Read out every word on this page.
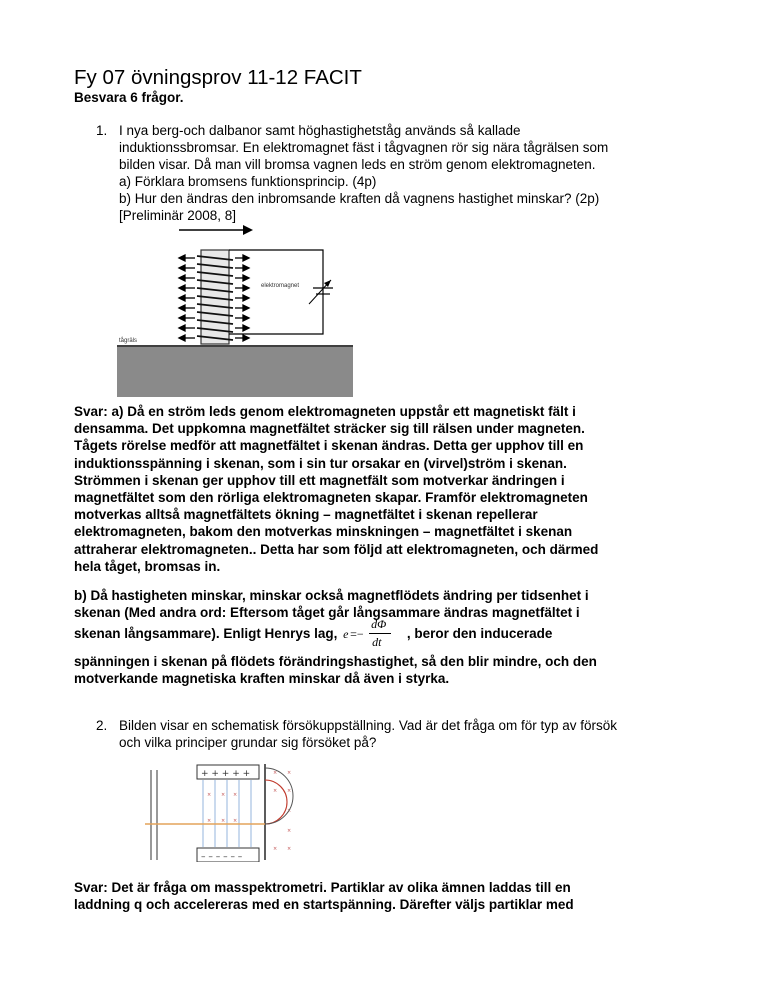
Fy 07 övningsprov 11-12 FACIT
Besvara 6 frågor.
1. I nya berg-och dalbanor samt höghastighetståg används så kallade
induktionssbromsar. En elektromagnet fäst i tågvagnen rör sig nära tågrälsen som
bilden visar. Då man vill bromsa vagnen leds en ström genom elektromagneten.
a) Förklara bromsens funktionsprincip. (4p)
b) Hur den ändras den inbromsande kraften då vagnens hastighet minskar? (2p)
[Preliminär 2008, 8]
elektromagnet
tågräls
Svar: a) Då en ström leds genom elektromagneten uppstår ett magnetiskt fält i
densamma. Det uppkomna magnetfältet sträcker sig till rälsen under magneten.
Tågets rörelse medför att magnetfältet i skenan ändras. Detta ger upphov till en
induktionsspänning i skenan, som i sin tur orsakar en (virvel)ström i skenan.
Strömmen i skenan ger upphov till ett magnetfält som motverkar ändringen i
magnetfältet som den rörliga elektromagneten skapar. Framför elektromagneten
motverkas alltså magnetfältets ökning – magnetfältet i skenan repellerar
elektromagneten, bakom den motverkas minskningen – magnetfältet i skenan
attraherar elektromagneten.. Detta har som följd att elektromagneten, och därmed
hela tåget, bromsas in.
b) Då hastigheten minskar, minskar också magnetflödets ändring per tidsenhet i
skenan (Med andra ord: Eftersom tåget går långsammare ändras magnetfältet i
skenan långsammare). Enligt Henrys lag, e =−
dΦ
dt
, beror den inducerade
spänningen i skenan på flödets förändringshastighet, så den blir mindre, och den
motverkande magnetiska kraften minskar då även i styrka.
2. Bilden visar en schematisk försökuppställning. Vad är det fråga om för typ av försök
och vilka principer grundar sig försöket på?
+ + + + +
– – – – – –
× × ×
× × ×
× ×
× ×
×
×
× ×
Svar: Det är fråga om masspektrometri. Partiklar av olika ämnen laddas till en
laddning q och accelereras med en startspänning. Därefter väljs partiklar med
